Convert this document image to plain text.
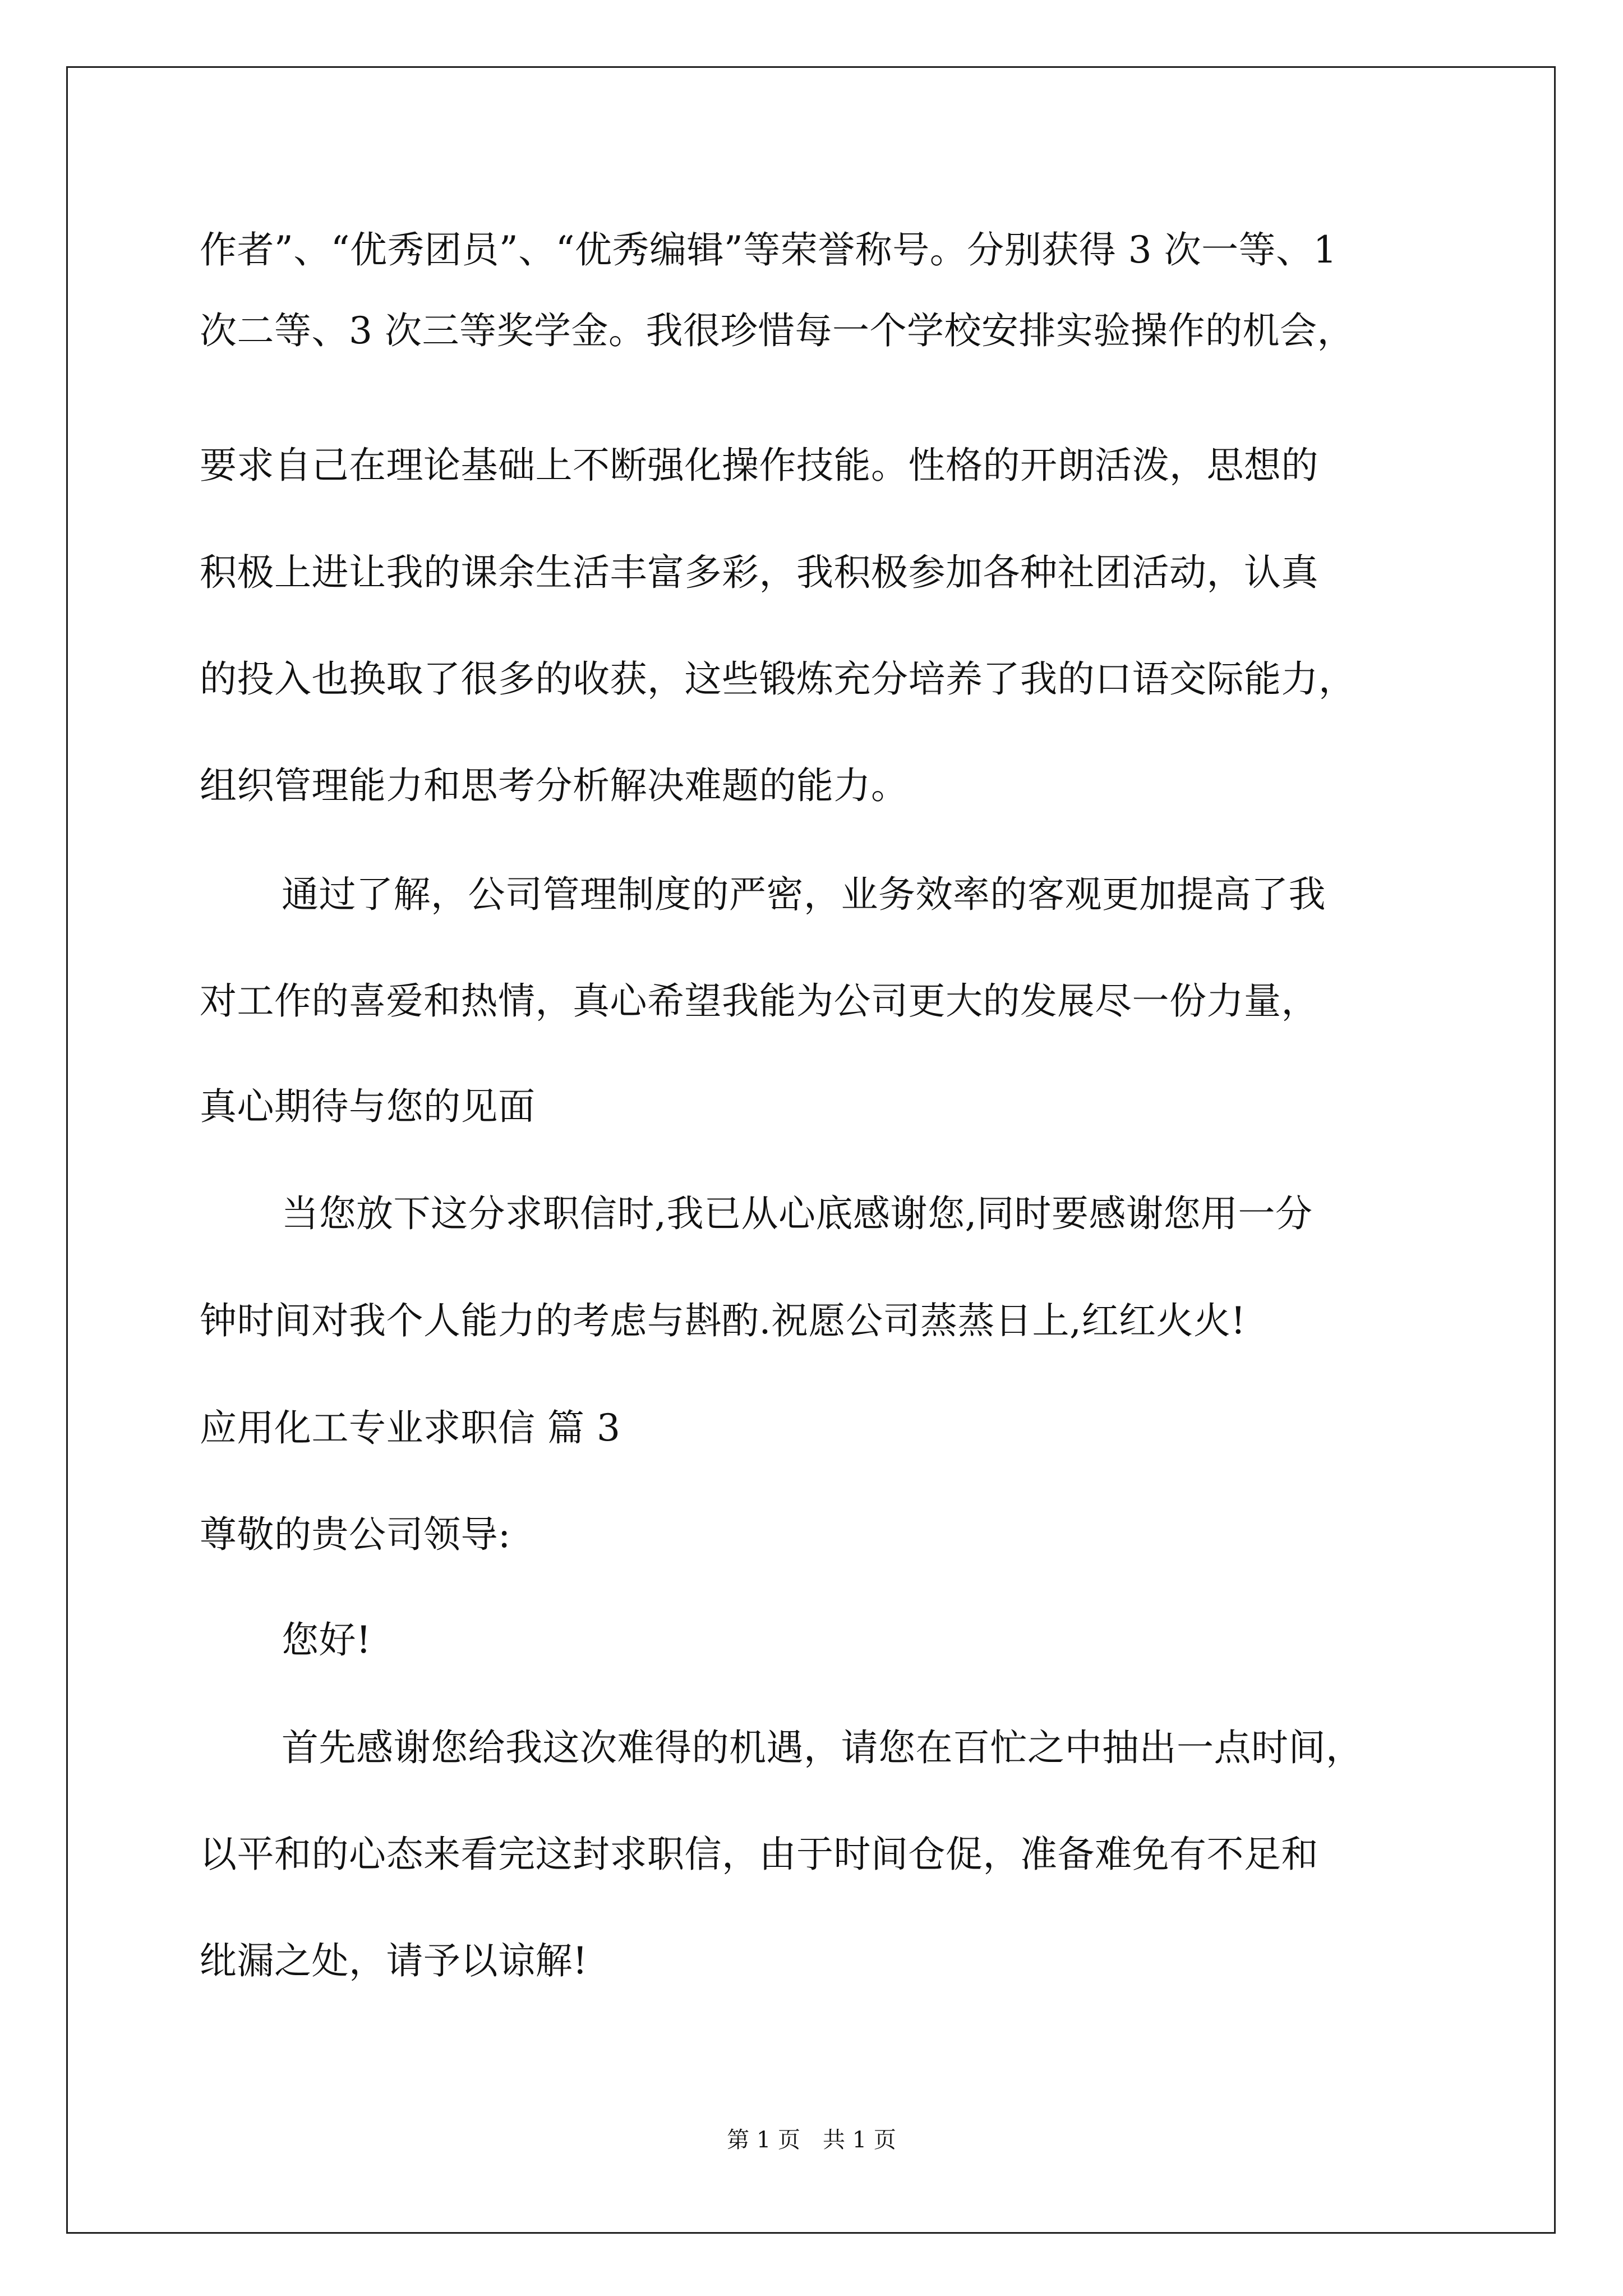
作者”、“优秀团员”、“优秀编辑”等荣誉称号。分别获得 3 次一等、1
次二等、3 次三等奖学金。我很珍惜每一个学校安排实验操作的机会，
要求自己在理论基础上不断强化操作技能。性格的开朗活泼，思想的
积极上进让我的课余生活丰富多彩，我积极参加各种社团活动，认真
的投入也换取了很多的收获，这些锻炼充分培养了我的口语交际能力，
组织管理能力和思考分析解决难题的能力。
通过了解，公司管理制度的严密，业务效率的客观更加提高了我
对工作的喜爱和热情，真心希望我能为公司更大的发展尽一份力量，
真心期待与您的见面
当您放下这分求职信时,我已从心底感谢您,同时要感谢您用一分
钟时间对我个人能力的考虑与斟酌.祝愿公司蒸蒸日上,红红火火!
应用化工专业求职信 篇 3
尊敬的贵公司领导:
您好!
首先感谢您给我这次难得的机遇，请您在百忙之中抽出一点时间，
以平和的心态来看完这封求职信，由于时间仓促，准备难免有不足和
纰漏之处，请予以谅解!
第 1 页 共 1 页
